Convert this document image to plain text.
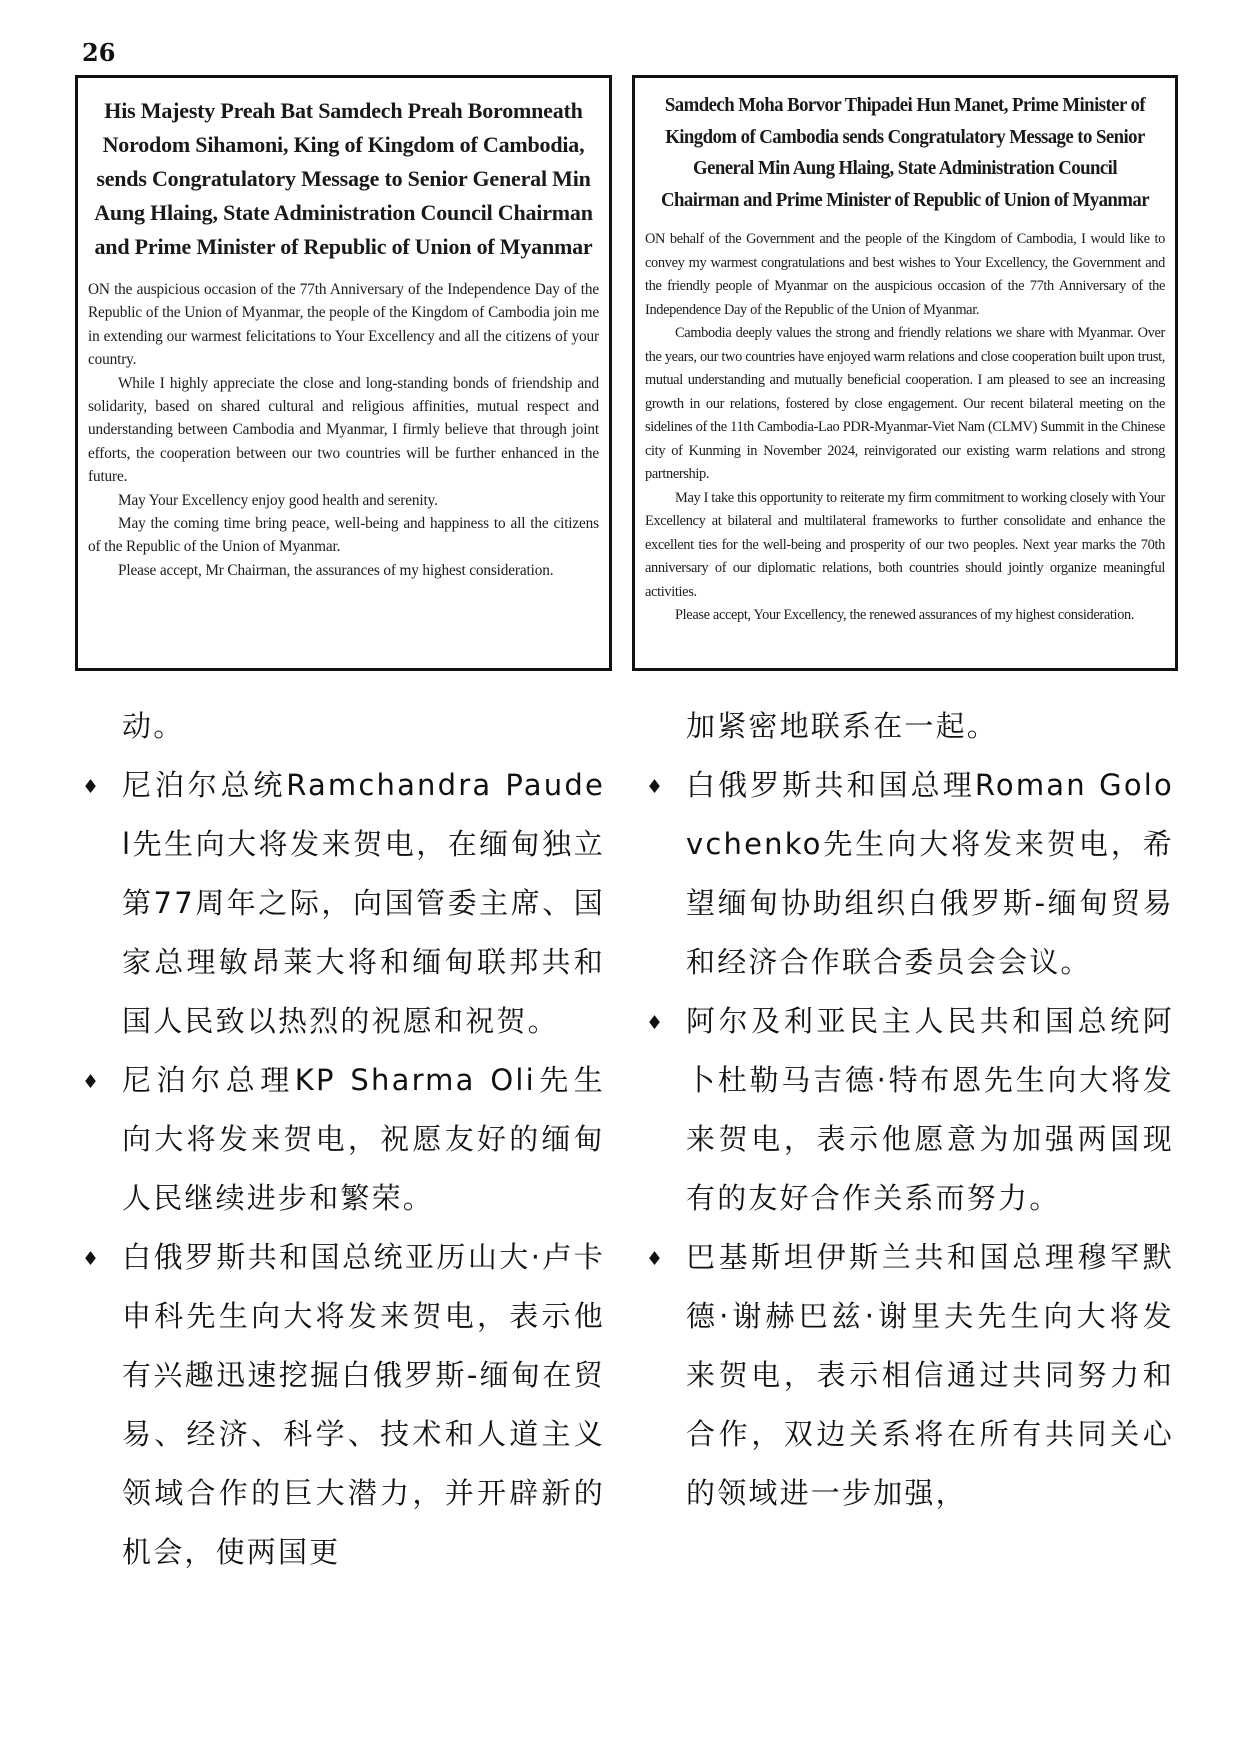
26
His Majesty Preah Bat Samdech Preah Boromneath Norodom Sihamoni, King of Kingdom of Cambodia, sends Congratulatory Message to Senior General Min Aung Hlaing, State Administration Council Chairman and Prime Minister of Republic of Union of Myanmar

ON the auspicious occasion of the 77th Anniversary of the Independence Day of the Republic of the Union of Myanmar, the people of the Kingdom of Cambodia join me in extending our warmest felicitations to Your Excellency and all the citizens of your country.

While I highly appreciate the close and long-standing bonds of friendship and solidarity, based on shared cultural and religious affinities, mutual respect and understanding between Cambodia and Myanmar, I firmly believe that through joint efforts, the cooperation between our two countries will be further enhanced in the future.

May Your Excellency enjoy good health and serenity.

May the coming time bring peace, well-being and happiness to all the citizens of the Republic of the Union of Myanmar.

Please accept, Mr Chairman, the assurances of my highest consideration.

Samdech Moha Borvor Thipadei Hun Manet, Prime Minister of Kingdom of Cambodia sends Congratulatory Message to Senior General Min Aung Hlaing, State Administration Council Chairman and Prime Minister of Republic of Union of Myanmar

ON behalf of the Government and the people of the Kingdom of Cambodia, I would like to convey my warmest congratulations and best wishes to Your Excellency, the Government and the friendly people of Myanmar on the auspicious occasion of the 77th Anniversary of the Independence Day of the Republic of the Union of Myanmar.

Cambodia deeply values the strong and friendly relations we share with Myanmar. Over the years, our two countries have enjoyed warm relations and close cooperation built upon trust, mutual understanding and mutually beneficial cooperation. I am pleased to see an increasing growth in our relations, fostered by close engagement. Our recent bilateral meeting on the sidelines of the 11th Cambodia-Lao PDR-Myanmar-Viet Nam (CLMV) Summit in the Chinese city of Kunming in November 2024, reinvigorated our existing warm relations and strong partnership.

May I take this opportunity to reiterate my firm commitment to working closely with Your Excellency at bilateral and multilateral frameworks to further consolidate and enhance the excellent ties for the well-being and prosperity of our two peoples. Next year marks the 70th anniversary of our diplomatic relations, both countries should jointly organize meaningful activities.

Please accept, Your Excellency, the renewed assurances of my highest consideration.

动。
♦ 尼泊尔总统Ramchandra Paudel先生向大将发来贺电，在缅甸独立第77周年之际，向国管委主席、国家总理敏昂莱大将和缅甸联邦共和国人民致以热烈的祝愿和祝贺。
♦ 尼泊尔总理KP Sharma Oli先生向大将发来贺电，祝愿友好的缅甸人民继续进步和繁荣。
♦ 白俄罗斯共和国总统亚历山大·卢卡申科先生向大将发来贺电，表示他有兴趣迅速挖掘白俄罗斯-缅甸在贸易、经济、科学、技术和人道主义领域合作的巨大潜力，并开辟新的机会，使两国更
加紧密地联系在一起。
♦ 白俄罗斯共和国总理Roman Golovchenko先生向大将发来贺电，希望缅甸协助组织白俄罗斯-缅甸贸易和经济合作联合委员会会议。
♦ 阿尔及利亚民主人民共和国总统阿卜杜勒马吉德·特布恩先生向大将发来贺电，表示他愿意为加强两国现有的友好合作关系而努力。
♦ 巴基斯坦伊斯兰共和国总理穆罕默德·谢赫巴兹·谢里夫先生向大将发来贺电，表示相信通过共同努力和合作，双边关系将在所有共同关心的领域进一步加强，
